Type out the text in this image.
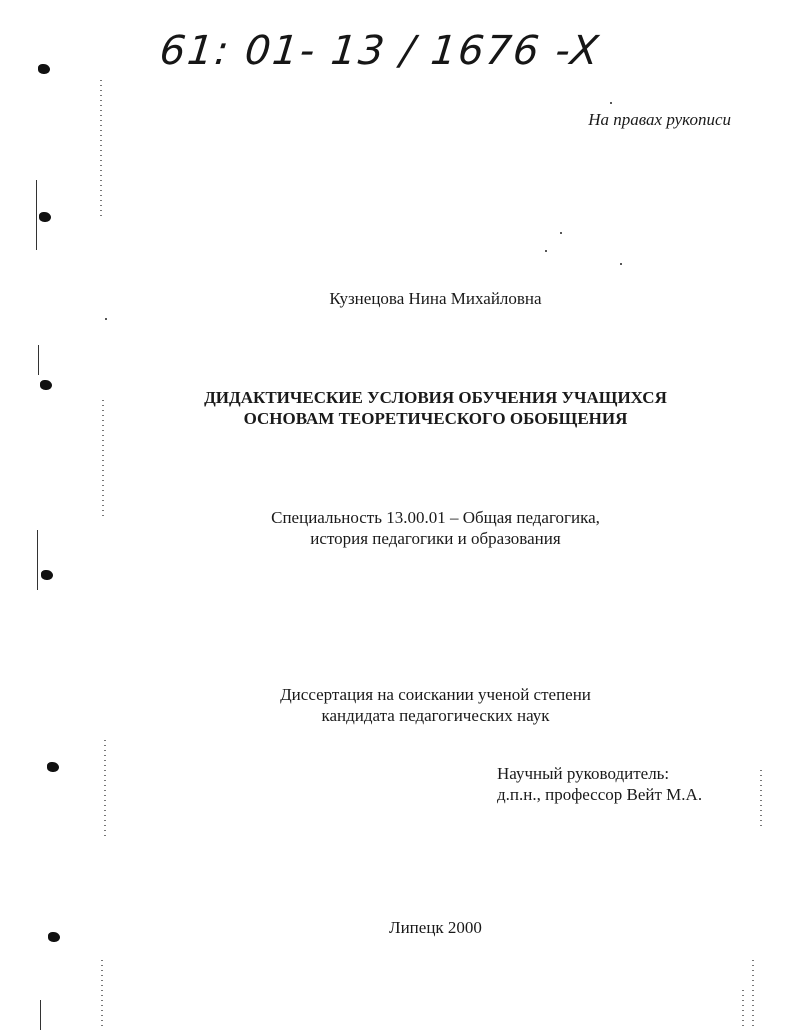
61: 01- 13 / 1676 -X
На правах рукописи
Кузнецова Нина Михайловна
ДИДАКТИЧЕСКИЕ УСЛОВИЯ ОБУЧЕНИЯ УЧАЩИХСЯ
ОСНОВАМ ТЕОРЕТИЧЕСКОГО ОБОБЩЕНИЯ
Специальность 13.00.01 – Общая педагогика,
история педагогики и образования
Диссертация на соискании ученой степени
кандидата педагогических наук
Научный руководитель:
д.п.н., профессор Вейт М.А.
Липецк 2000
